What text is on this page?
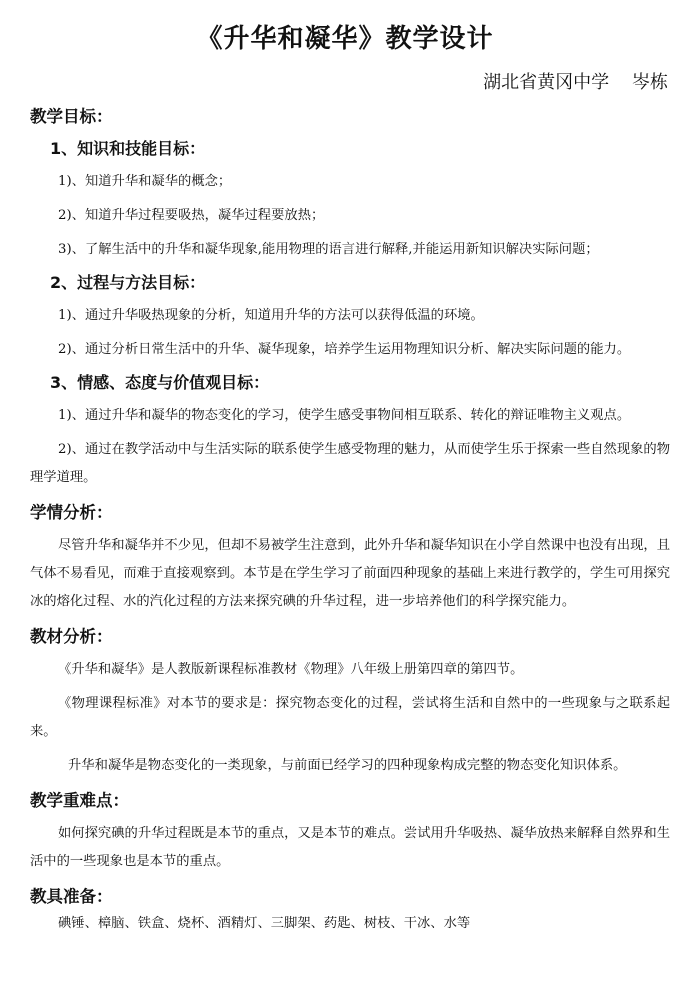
《升华和凝华》教学设计
湖北省黄冈中学    岑栋
教学目标：
1、知识和技能目标：

1)、知道升华和凝华的概念；

2)、知道升华过程要吸热，凝华过程要放热；

3)、了解生活中的升华和凝华现象,能用物理的语言进行解释,并能运用新知识解决实际问题；

2、过程与方法目标：

1)、通过升华吸热现象的分析，知道用升华的方法可以获得低温的环境。

2)、通过分析日常生活中的升华、凝华现象，培养学生运用物理知识分析、解决实际问题的能力。

3、情感、态度与价值观目标：

1)、通过升华和凝华的物态变化的学习，使学生感受事物间相互联系、转化的辩证唯物主义观点。

2)、通过在教学活动中与生活实际的联系使学生感受物理的魅力，从而使学生乐于探索一些自然现象的物理学道理。

学情分析：

尽管升华和凝华并不少见，但却不易被学生注意到，此外升华和凝华知识在小学自然课中也没有出现，且气体不易看见，而难于直接观察到。本节是在学生学习了前面四种现象的基础上来进行教学的，学生可用探究冰的熔化过程、水的汽化过程的方法来探究碘的升华过程，进一步培养他们的科学探究能力。

教材分析：

《升华和凝华》是人教版新课程标准教材《物理》八年级上册第四章的第四节。

《物理课程标准》对本节的要求是：探究物态变化的过程，尝试将生活和自然中的一些现象与之联系起来。

升华和凝华是物态变化的一类现象，与前面已经学习的四种现象构成完整的物态变化知识体系。

教学重难点：

如何探究碘的升华过程既是本节的重点，又是本节的难点。尝试用升华吸热、凝华放热来解释自然界和生活中的一些现象也是本节的重点。

教具准备：

碘锤、樟脑、铁盒、烧杯、酒精灯、三脚架、药匙、树枝、干冰、水等
